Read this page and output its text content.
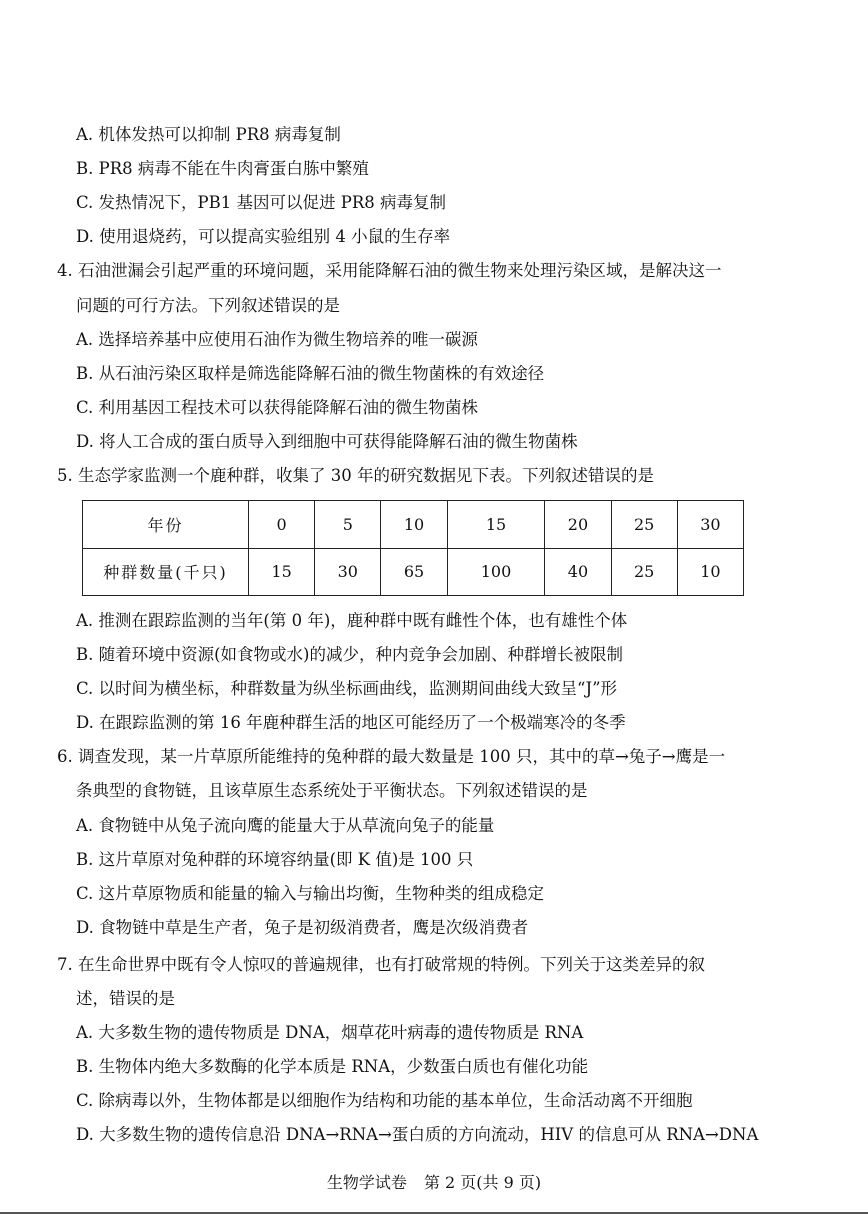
A. 机体发热可以抑制 PR8 病毒复制
B. PR8 病毒不能在牛肉膏蛋白胨中繁殖
C. 发热情况下，PB1 基因可以促进 PR8 病毒复制
D. 使用退烧药，可以提高实验组别 4 小鼠的生存率
4. 石油泄漏会引起严重的环境问题，采用能降解石油的微生物来处理污染区域，是解决这一
问题的可行方法。下列叙述错误的是
A. 选择培养基中应使用石油作为微生物培养的唯一碳源
B. 从石油污染区取样是筛选能降解石油的微生物菌株的有效途径
C. 利用基因工程技术可以获得能降解石油的微生物菌株
D. 将人工合成的蛋白质导入到细胞中可获得能降解石油的微生物菌株
5. 生态学家监测一个鹿种群，收集了 30 年的研究数据见下表。下列叙述错误的是
年份	0	5	10	15	20	25	30
种群数量(千只)	15	30	65	100	40	25	10
A. 推测在跟踪监测的当年(第 0 年)，鹿种群中既有雌性个体，也有雄性个体
B. 随着环境中资源(如食物或水)的减少，种内竞争会加剧、种群增长被限制
C. 以时间为横坐标，种群数量为纵坐标画曲线，监测期间曲线大致呈“J”形
D. 在跟踪监测的第 16 年鹿种群生活的地区可能经历了一个极端寒冷的冬季
6. 调查发现，某一片草原所能维持的兔种群的最大数量是 100 只，其中的草→兔子→鹰是一
条典型的食物链，且该草原生态系统处于平衡状态。下列叙述错误的是
A. 食物链中从兔子流向鹰的能量大于从草流向兔子的能量
B. 这片草原对兔种群的环境容纳量(即 K 值)是 100 只
C. 这片草原物质和能量的输入与输出均衡，生物种类的组成稳定
D. 食物链中草是生产者，兔子是初级消费者，鹰是次级消费者
7. 在生命世界中既有令人惊叹的普遍规律，也有打破常规的特例。下列关于这类差异的叙
述，错误的是
A. 大多数生物的遗传物质是 DNA，烟草花叶病毒的遗传物质是 RNA
B. 生物体内绝大多数酶的化学本质是 RNA，少数蛋白质也有催化功能
C. 除病毒以外，生物体都是以细胞作为结构和功能的基本单位，生命活动离不开细胞
D. 大多数生物的遗传信息沿 DNA→RNA→蛋白质的方向流动，HIV 的信息可从 RNA→DNA
生物学试卷 第 2 页(共 9 页)
